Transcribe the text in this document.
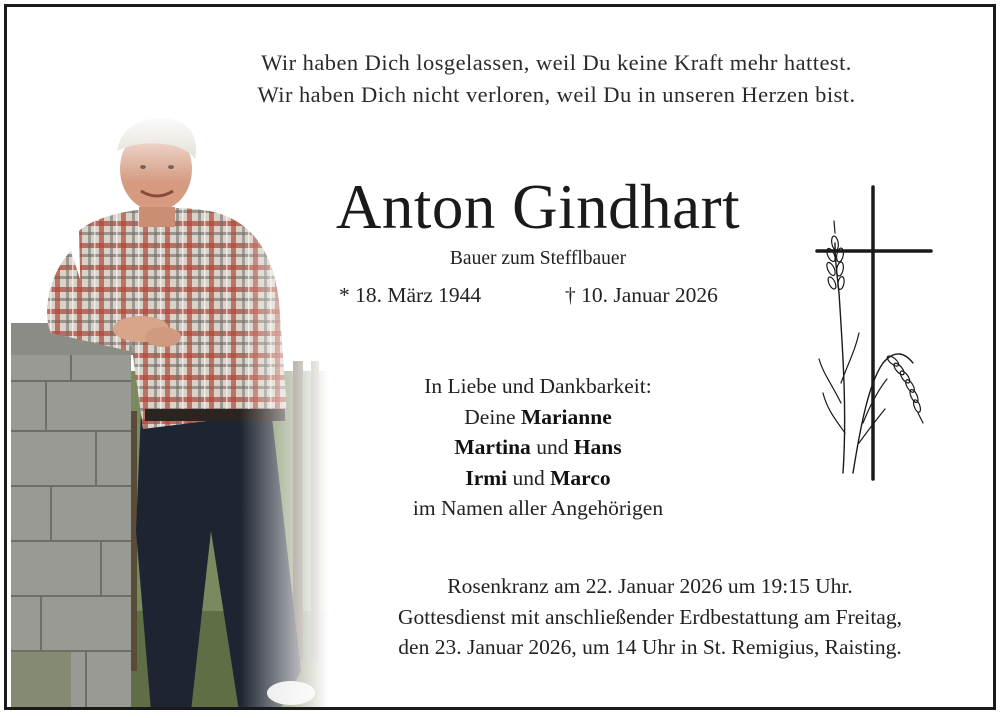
Wir haben Dich losgelassen, weil Du keine Kraft mehr hattest.
Wir haben Dich nicht verloren, weil Du in unseren Herzen bist.
Anton Gindhart
Bauer zum Stefflbauer
* 18. März 1944	† 10. Januar 2026
In Liebe und Dankbarkeit:
Deine Marianne
Martina und Hans
Irmi und Marco
im Namen aller Angehörigen
Rosenkranz am 22. Januar 2026 um 19:15 Uhr.
Gottesdienst mit anschließender Erdbestattung am Freitag,
den 23. Januar 2026, um 14 Uhr in St. Remigius, Raisting.
